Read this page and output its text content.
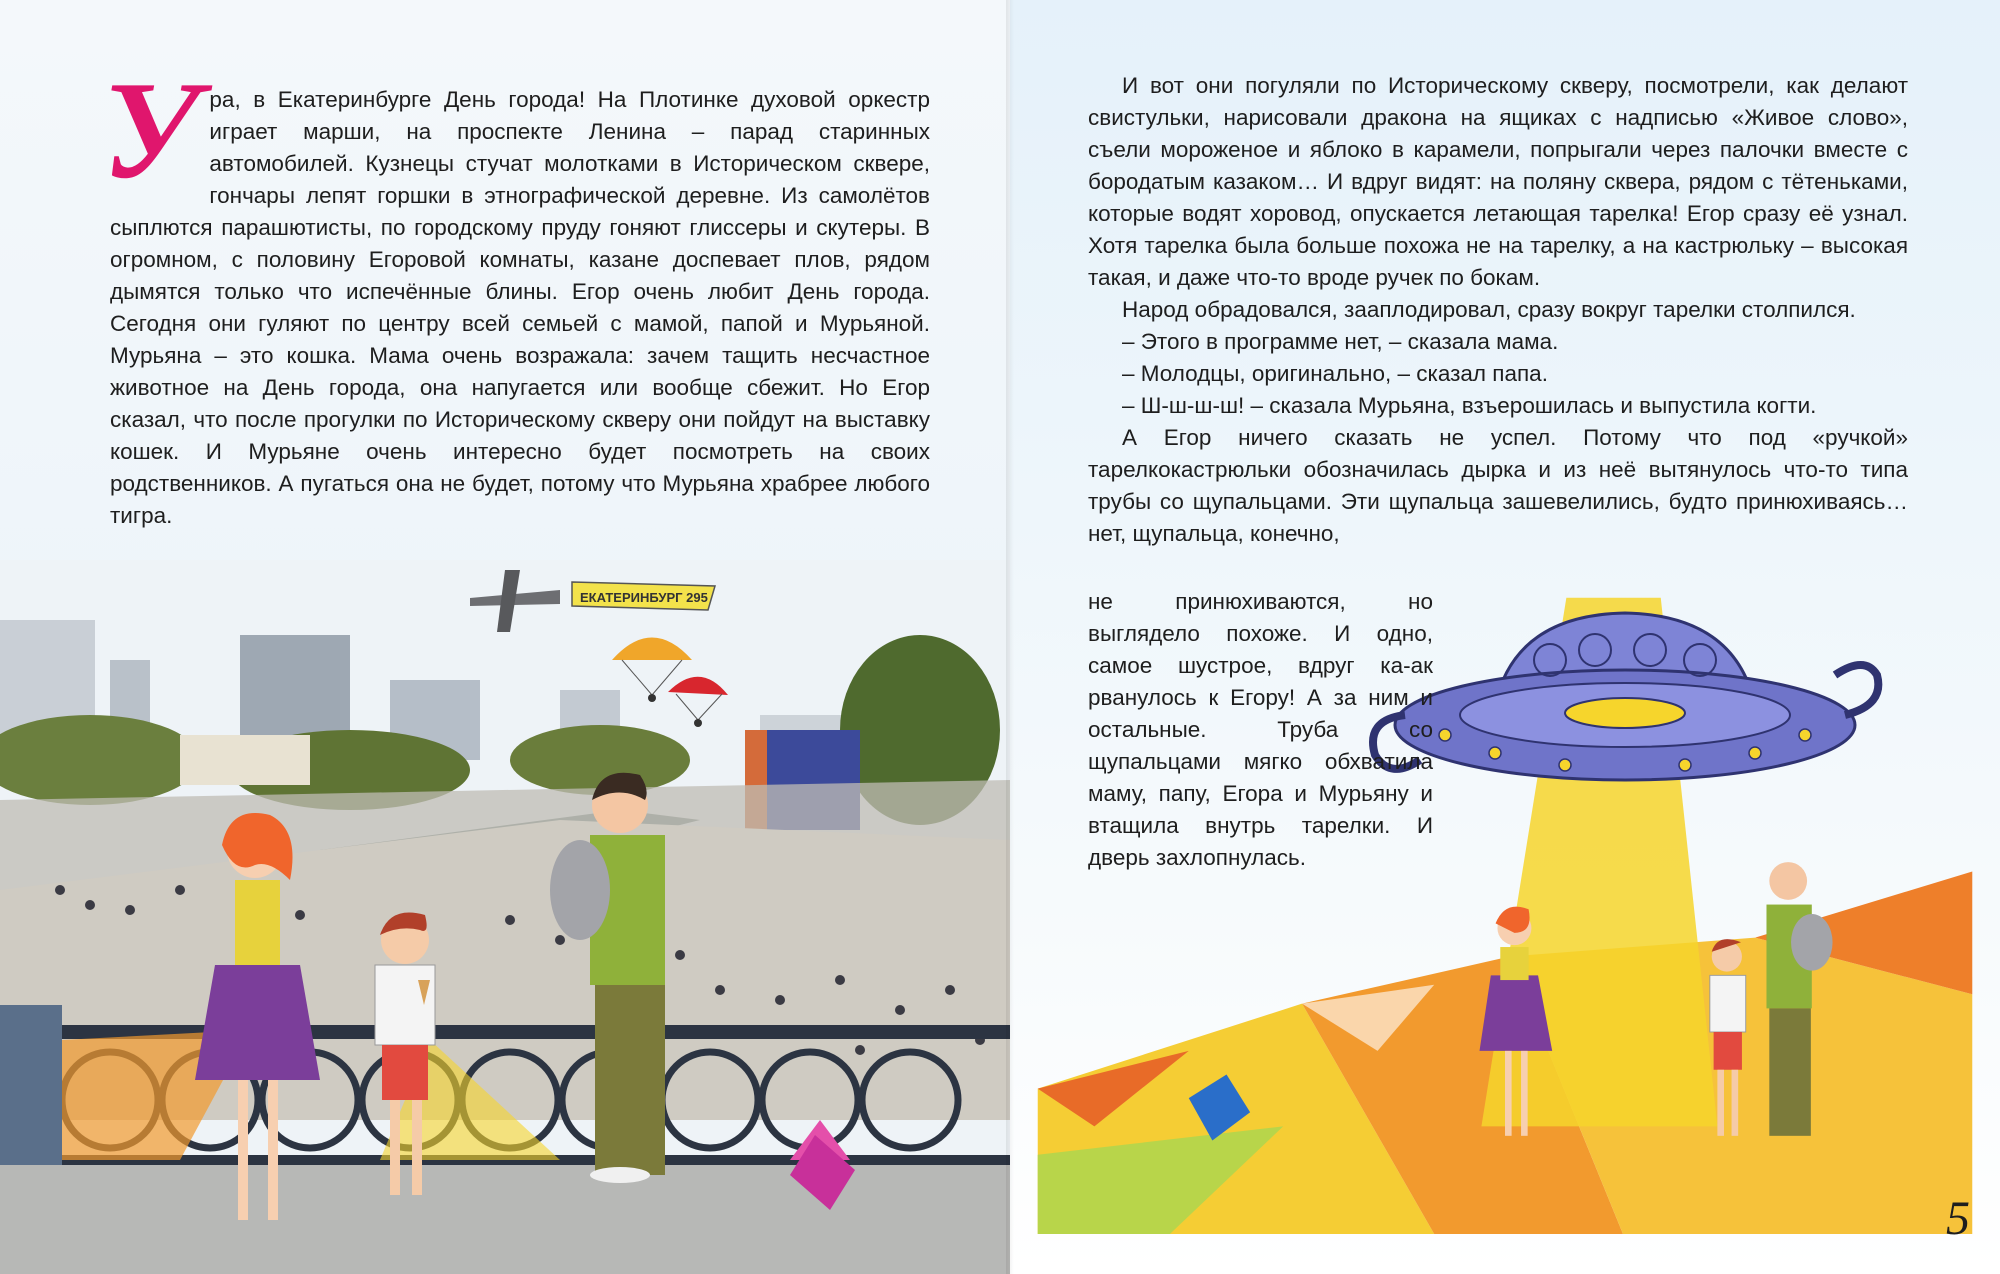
У ра, в Екатеринбурге День города! На Плотинке духовой оркестр играет марши, на проспекте Ленина – парад старинных автомобилей. Кузнецы стучат молотками в Историческом сквере, гончары лепят горшки в этнографической деревне. Из самолётов сыплются парашютисты, по городскому пруду гоняют глиссеры и скутеры. В огромном, с половину Егоровой комнаты, казане доспевает плов, рядом дымятся только что испечённые блины. Егор очень любит День города. Сегодня они гуляют по центру всей семьей с мамой, папой и Мурьяной. Мурьяна – это кошка. Мама очень возражала: зачем тащить несчастное животное на День города, она напугается или вообще сбежит. Но Егор сказал, что после прогулки по Историческому скверу они пойдут на выставку кошек. И Мурьяне очень интересно будет посмотреть на своих родственников. А пугаться она не будет, потому что Мурьяна храбрее любого тигра.
ЕКАТЕРИНБУРГ 295

И вот они погуляли по Историческому скверу, посмотрели, как делают свистульки, нарисовали дракона на ящиках с надписью «Живое слово», съели мороженое и яблоко в карамели, попрыгали через палочки вместе с бородатым казаком… И вдруг видят: на поляну сквера, рядом с тётеньками, которые водят хоровод, опускается летающая тарелка! Егор сразу её узнал. Хотя тарелка была больше похожа не на тарелку, а на кастрюльку – высокая такая, и даже что-то вроде ручек по бокам.

Народ обрадовался, зааплодировал, сразу вокруг тарелки столпился.

– Этого в программе нет, – сказала мама.

– Молодцы, оригинально, – сказал папа.

– Ш-ш-ш-ш! – сказала Мурьяна, взъерошилась и выпустила когти.

А Егор ничего сказать не успел. Потому что под «ручкой» тарелкокастрюльки обозначилась дырка и из неё вытянулось что-то типа трубы со щупальцами. Эти щупальца зашевелились, будто принюхиваясь… нет, щупальца, конечно,

не принюхиваются, но выглядело похоже. И одно, самое шустрое, вдруг ка-ак рванулось к Егору! А за ним и остальные. Труба со щупальцами мягко обхватила маму, папу, Егора и Мурьяну и втащила внутрь тарелки. И дверь захлопнулась.

5
